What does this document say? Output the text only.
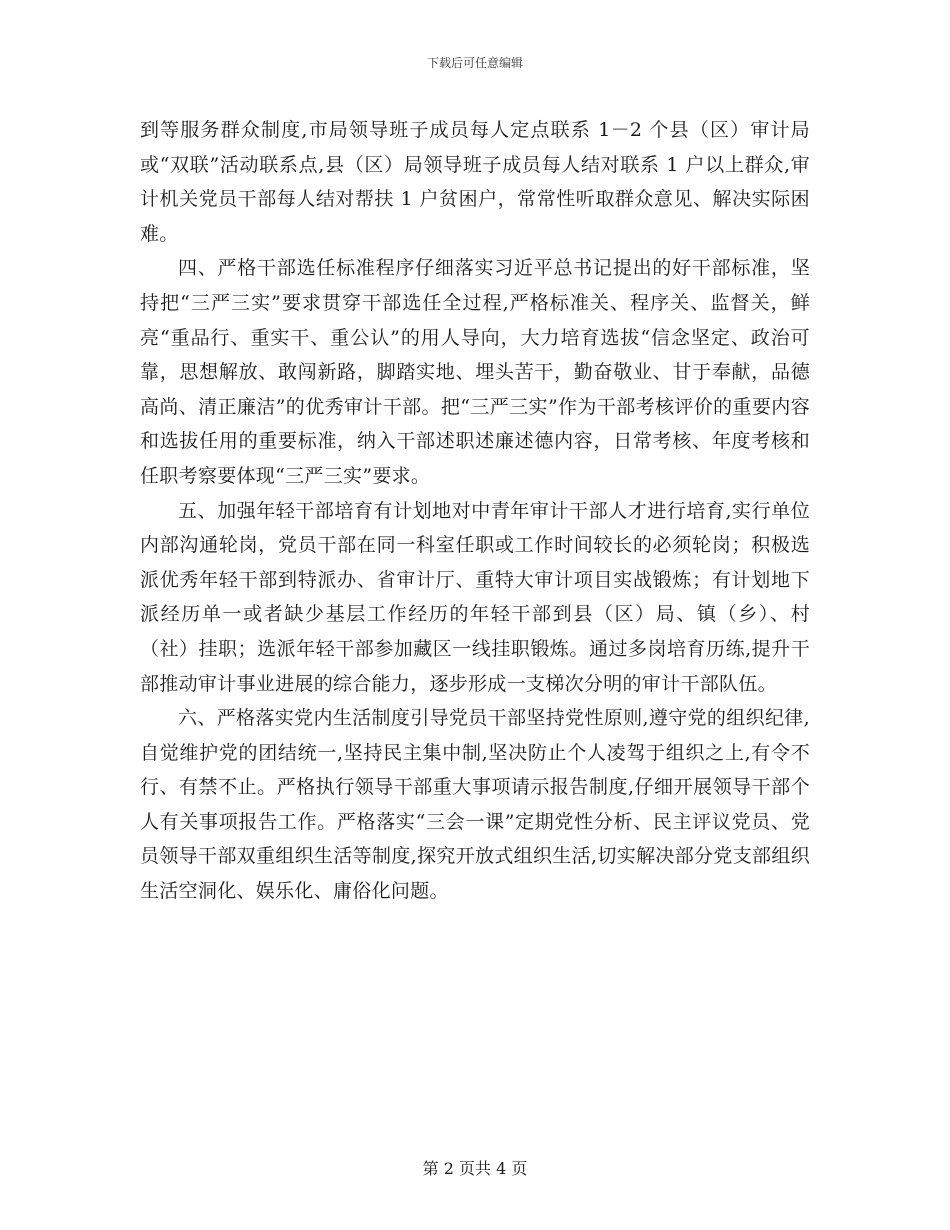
下载后可任意编辑

到等服务群众制度,市局领导班子成员每人定点联系 1－2 个县（区）审计局或“双联”活动联系点,县（区）局领导班子成员每人结对联系 1 户以上群众,审计机关党员干部每人结对帮扶 1 户贫困户，常常性听取群众意见、解决实际困难。

四、严格干部选任标准程序仔细落实习近平总书记提出的好干部标准，坚持把“三严三实”要求贯穿干部选任全过程,严格标准关、程序关、监督关，鲜亮“重品行、重实干、重公认”的用人导向，大力培育选拔“信念坚定、政治可靠，思想解放、敢闯新路，脚踏实地、埋头苦干，勤奋敬业、甘于奉献，品德高尚、清正廉洁”的优秀审计干部。把“三严三实”作为干部考核评价的重要内容和选拔任用的重要标准，纳入干部述职述廉述德内容，日常考核、年度考核和任职考察要体现“三严三实”要求。

五、加强年轻干部培育有计划地对中青年审计干部人才进行培育,实行单位内部沟通轮岗，党员干部在同一科室任职或工作时间较长的必须轮岗；积极选派优秀年轻干部到特派办、省审计厅、重特大审计项目实战锻炼；有计划地下派经历单一或者缺少基层工作经历的年轻干部到县（区）局、镇（乡）、村（社）挂职；选派年轻干部参加藏区一线挂职锻炼。通过多岗培育历练,提升干部推动审计事业进展的综合能力，逐步形成一支梯次分明的审计干部队伍。

六、严格落实党内生活制度引导党员干部坚持党性原则,遵守党的组织纪律,自觉维护党的团结统一,坚持民主集中制,坚决防止个人凌驾于组织之上,有令不行、有禁不止。严格执行领导干部重大事项请示报告制度,仔细开展领导干部个人有关事项报告工作。严格落实“三会一课”定期党性分析、民主评议党员、党员领导干部双重组织生活等制度,探究开放式组织生活,切实解决部分党支部组织生活空洞化、娱乐化、庸俗化问题。

第 2 页共 4 页
